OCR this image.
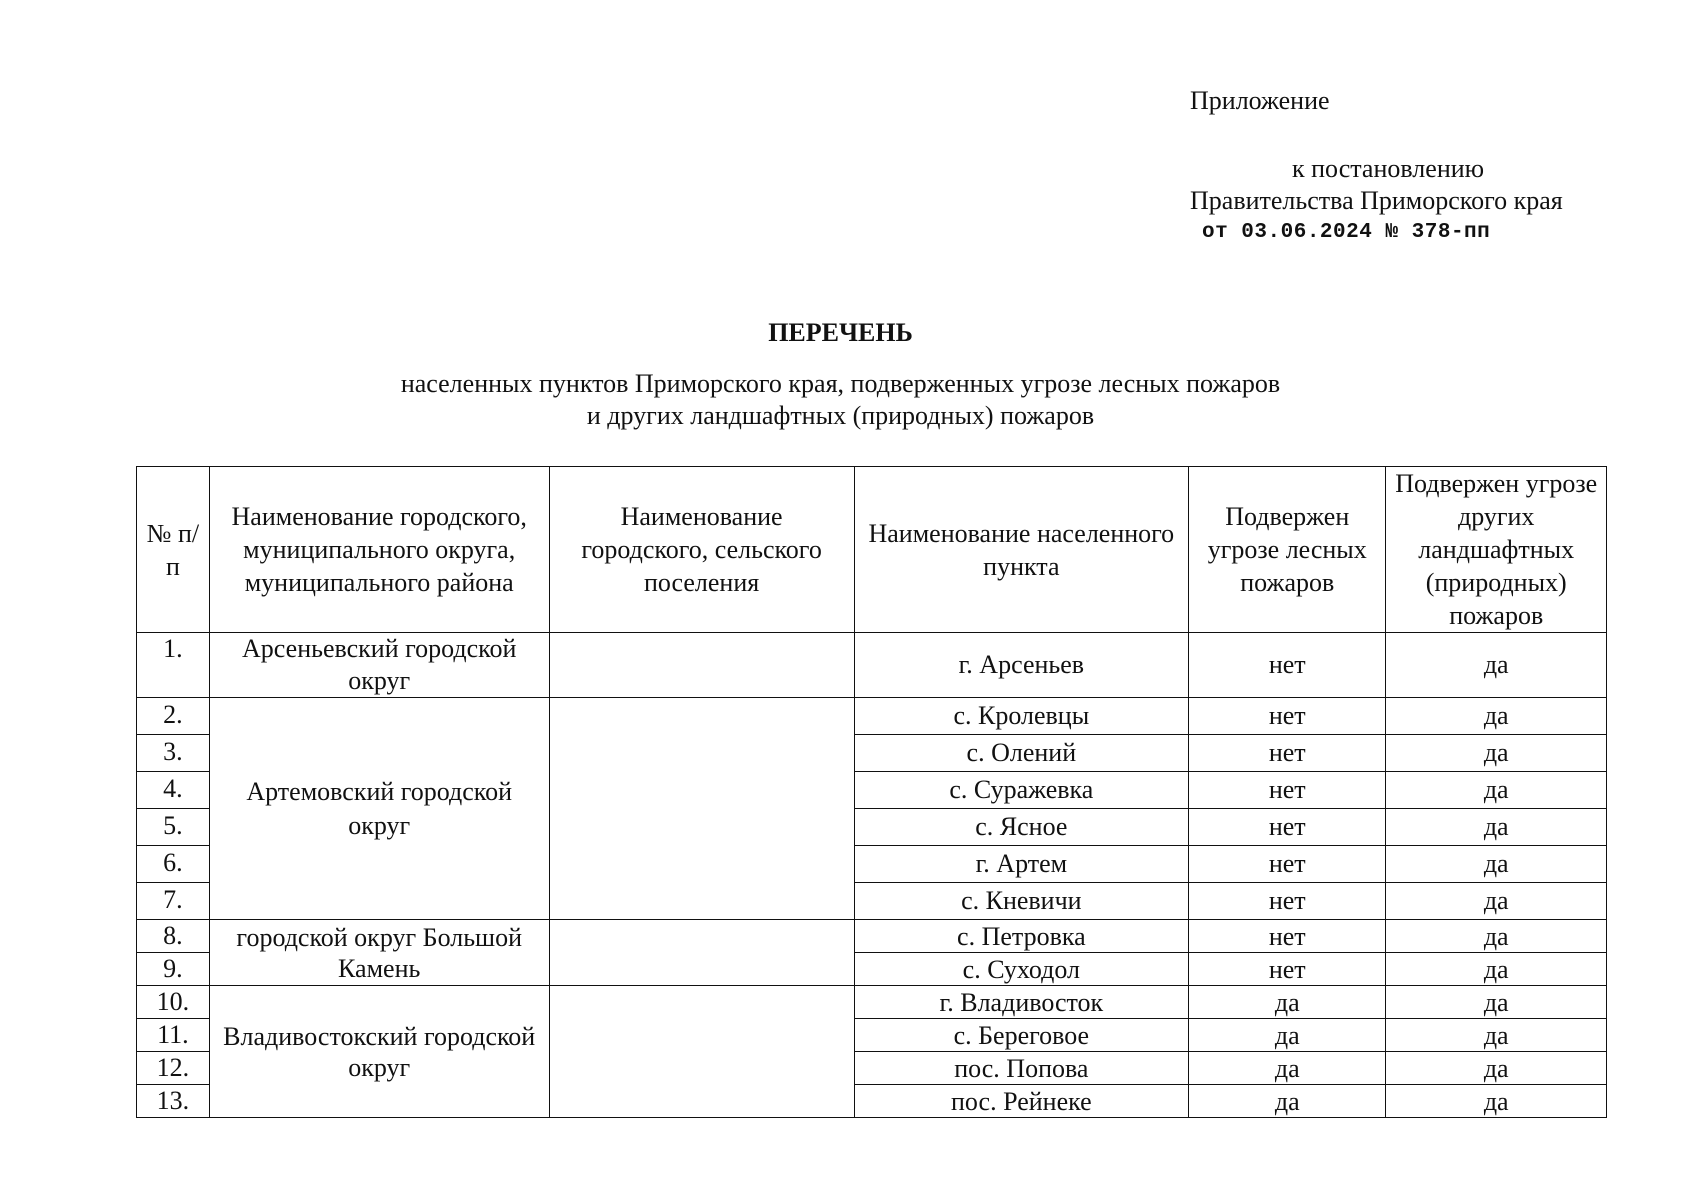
Приложение
к постановлению
Правительства Приморского края
от 03.06.2024 № 378-пп
ПЕРЕЧЕНЬ
населенных пунктов Приморского края, подверженных угрозе лесных пожаров
и других ландшафтных (природных) пожаров
№ п/п	Наименование городского, муниципального округа, муниципального района	Наименование городского, сельского поселения	Наименование населенного пункта	Подвержен угрозе лесных пожаров	Подвержен угрозе других ландшафтных (природных) пожаров
1.	Арсеньевский городской округ		г. Арсеньев	нет	да
2.	Артемовский городской округ		с. Кролевцы	нет	да
3.			с. Олений	нет	да
4.			с. Суражевка	нет	да
5.			с. Ясное	нет	да
6.			г. Артем	нет	да
7.			с. Кневичи	нет	да
8.	городской округ Большой Камень		с. Петровка	нет	да
9.			с. Суходол	нет	да
10.	Владивостокский городской округ		г. Владивосток	да	да
11.			с. Береговое	да	да
12.			пос. Попова	да	да
13.			пос. Рейнеке	да	да
